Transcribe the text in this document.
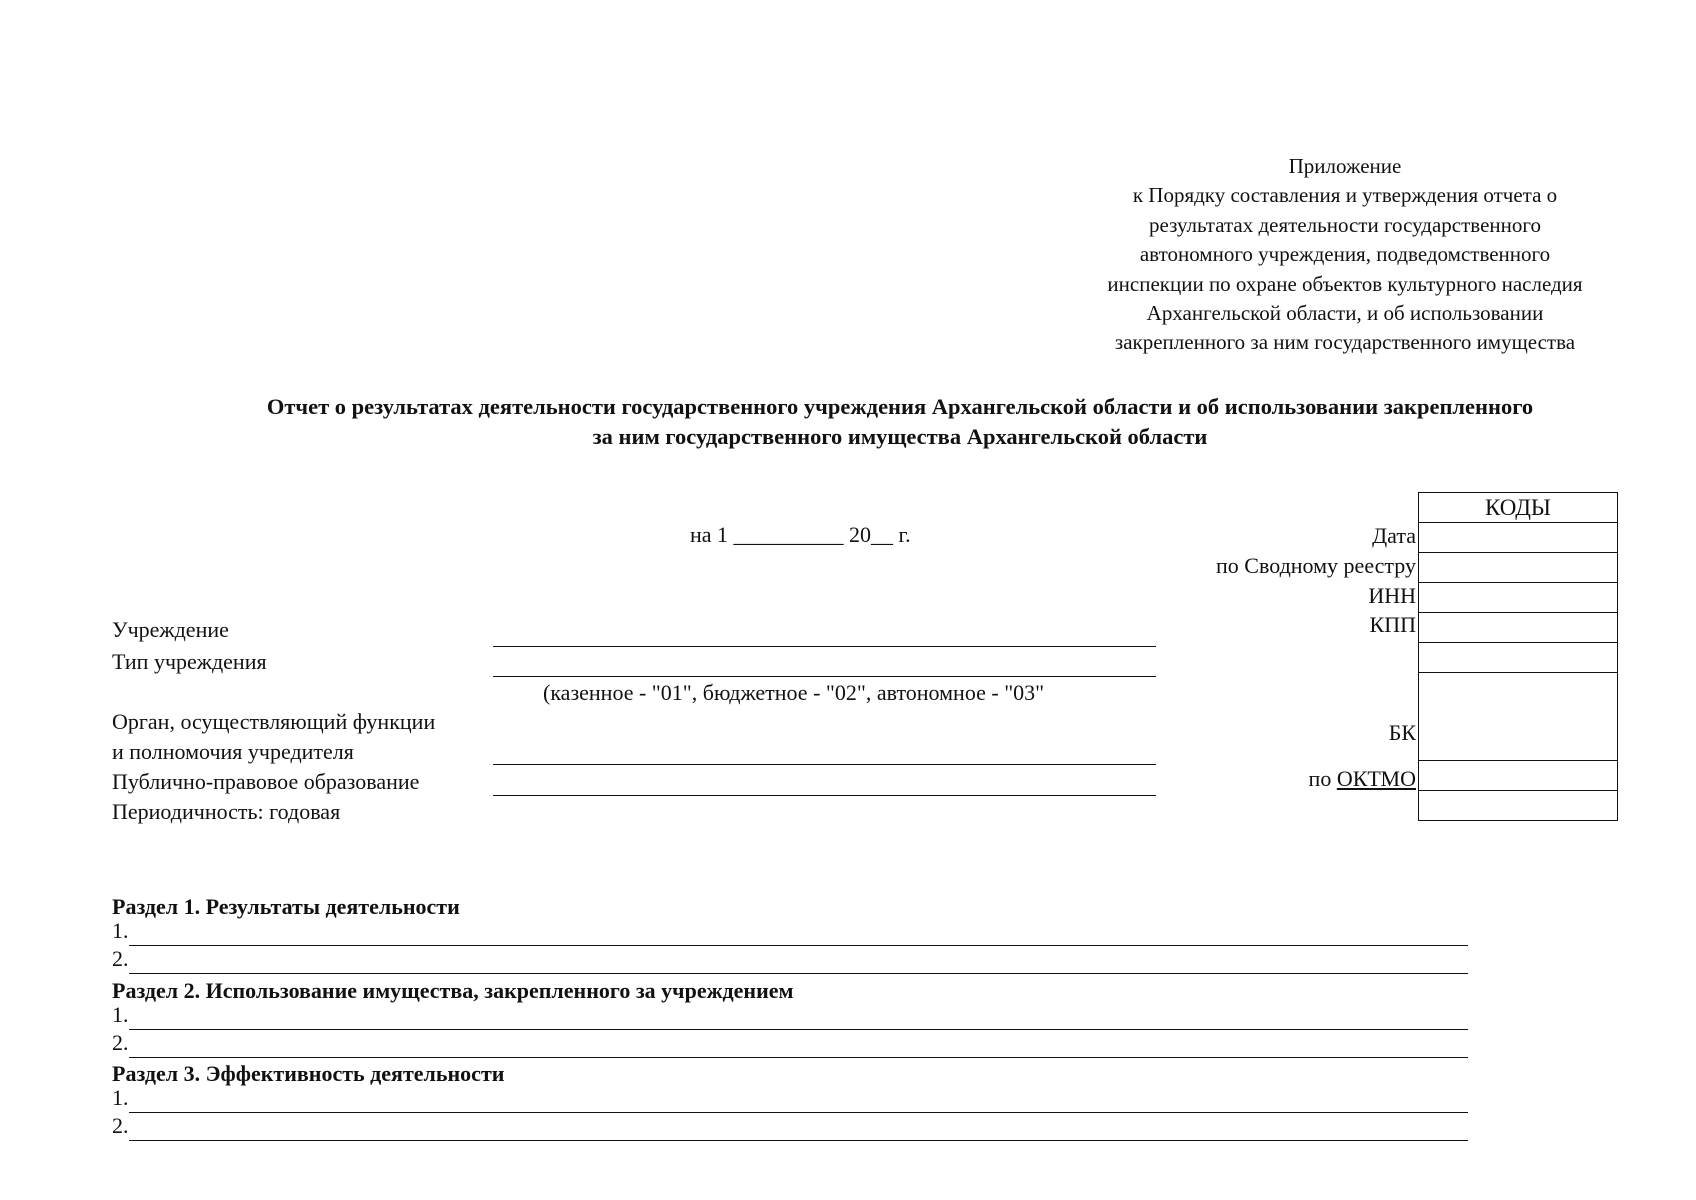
Приложение
к Порядку составления и утверждения отчета о
результатах деятельности государственного
автономного учреждения, подведомственного
инспекции по охране объектов культурного наследия
Архангельской области, и об использовании
закрепленного за ним государственного имущества
Отчет о результатах деятельности государственного учреждения Архангельской области и об использовании закрепленного
за ним государственного имущества Архангельской области
на 1 __________ 20__ г.
КОДЫ

Дата
по Сводному реестру
ИНН
КПП
БК
по ОКТМО
Учреждение
Тип учреждения
(казенное - "01", бюджетное - "02", автономное - "03"
Орган, осуществляющий функции
и полномочия учредителя
Публично-правовое образование
Периодичность: годовая
Раздел 1. Результаты деятельности
1.
2.
Раздел 2. Использование имущества, закрепленного за учреждением
1.
2.
Раздел 3. Эффективность деятельности
1.
2.
